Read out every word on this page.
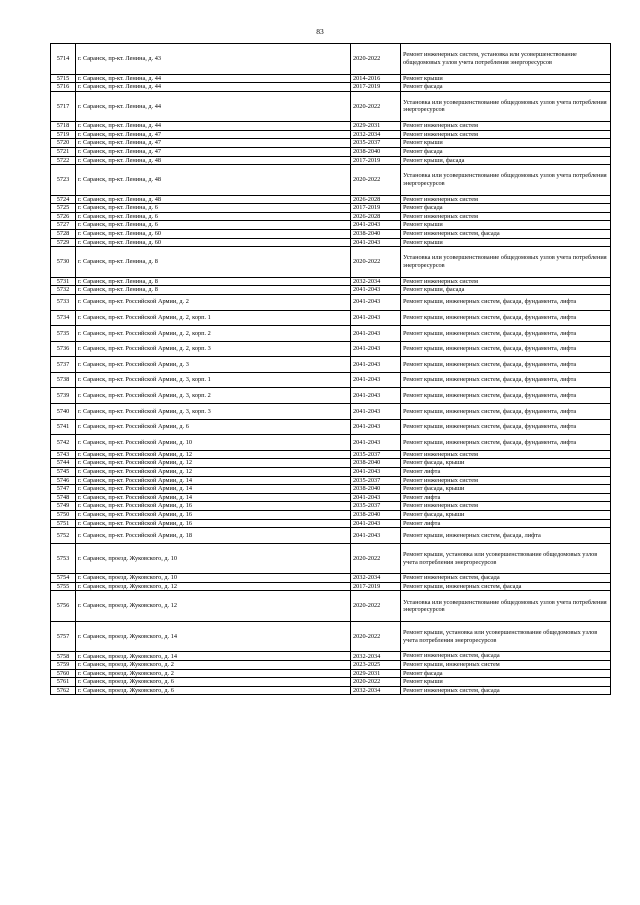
83
5714	г. Саранск, пр-кт. Ленина, д. 43	2020-2022	Ремонт инженерных систем, установка или усовершенствование общедомовых узлов учета потребления энергоресурсов
5715	г. Саранск, пр-кт. Ленина, д. 44	2014-2016	Ремонт крыши
5716	г. Саранск, пр-кт. Ленина, д. 44	2017-2019	Ремонт фасада
5717	г. Саранск, пр-кт. Ленина, д. 44	2020-2022	Установка или усовершенствование общедомовых узлов учета потребления энергоресурсов
5718	г. Саранск, пр-кт. Ленина, д. 44	2029-2031	Ремонт инженерных систем
5719	г. Саранск, пр-кт. Ленина, д. 47	2032-2034	Ремонт инженерных систем
5720	г. Саранск, пр-кт. Ленина, д. 47	2035-2037	Ремонт крыши
5721	г. Саранск, пр-кт. Ленина, д. 47	2038-2040	Ремонт фасада
5722	г. Саранск, пр-кт. Ленина, д. 48	2017-2019	Ремонт крыши, фасада
5723	г. Саранск, пр-кт. Ленина, д. 48	2020-2022	Установка или усовершенствование общедомовых узлов учета потребления энергоресурсов
5724	г. Саранск, пр-кт. Ленина, д. 48	2026-2028	Ремонт инженерных систем
5725	г. Саранск, пр-кт. Ленина, д. 6	2017-2019	Ремонт фасада
5726	г. Саранск, пр-кт. Ленина, д. 6	2026-2028	Ремонт инженерных систем
5727	г. Саранск, пр-кт. Ленина, д. 6	2041-2043	Ремонт крыши
5728	г. Саранск, пр-кт. Ленина, д. 60	2038-2040	Ремонт инженерных систем, фасада
5729	г. Саранск, пр-кт. Ленина, д. 60	2041-2043	Ремонт крыши
5730	г. Саранск, пр-кт. Ленина, д. 8	2020-2022	Установка или усовершенствование общедомовых узлов учета потребления энергоресурсов
5731	г. Саранск, пр-кт. Ленина, д. 8	2032-2034	Ремонт инженерных систем
5732	г. Саранск, пр-кт. Ленина, д. 8	2041-2043	Ремонт крыши, фасада
5733	г. Саранск, пр-кт. Российской Армии, д. 2	2041-2043	Ремонт крыши, инженерных систем, фасада, фундамента, лифта
5734	г. Саранск, пр-кт. Российской Армии, д. 2, корп. 1	2041-2043	Ремонт крыши, инженерных систем, фасада, фундамента, лифта
5735	г. Саранск, пр-кт. Российской Армии, д. 2, корп. 2	2041-2043	Ремонт крыши, инженерных систем, фасада, фундамента, лифта
5736	г. Саранск, пр-кт. Российской Армии, д. 2, корп. 3	2041-2043	Ремонт крыши, инженерных систем, фасада, фундамента, лифта
5737	г. Саранск, пр-кт. Российской Армии, д. 3	2041-2043	Ремонт крыши, инженерных систем, фасада, фундамента, лифта
5738	г. Саранск, пр-кт. Российской Армии, д. 3, корп. 1	2041-2043	Ремонт крыши, инженерных систем, фасада, фундамента, лифта
5739	г. Саранск, пр-кт. Российской Армии, д. 3, корп. 2	2041-2043	Ремонт крыши, инженерных систем, фасада, фундамента, лифта
5740	г. Саранск, пр-кт. Российской Армии, д. 3, корп. 3	2041-2043	Ремонт крыши, инженерных систем, фасада, фундамента, лифта
5741	г. Саранск, пр-кт. Российской Армии, д. 6	2041-2043	Ремонт крыши, инженерных систем, фасада, фундамента, лифта
5742	г. Саранск, пр-кт. Российской Армии, д. 10	2041-2043	Ремонт крыши, инженерных систем, фасада, фундамента, лифта
5743	г. Саранск, пр-кт. Российской Армии, д. 12	2035-2037	Ремонт инженерных систем
5744	г. Саранск, пр-кт. Российской Армии, д. 12	2038-2040	Ремонт фасада, крыши
5745	г. Саранск, пр-кт. Российской Армии, д. 12	2041-2043	Ремонт лифта
5746	г. Саранск, пр-кт. Российской Армии, д. 14	2035-2037	Ремонт инженерных систем
5747	г. Саранск, пр-кт. Российской Армии, д. 14	2038-2040	Ремонт фасада, крыши
5748	г. Саранск, пр-кт. Российской Армии, д. 14	2041-2043	Ремонт лифта
5749	г. Саранск, пр-кт. Российской Армии, д. 16	2035-2037	Ремонт инженерных систем
5750	г. Саранск, пр-кт. Российской Армии, д. 16	2038-2040	Ремонт фасада, крыши
5751	г. Саранск, пр-кт. Российской Армии, д. 16	2041-2043	Ремонт лифта
5752	г. Саранск, пр-кт. Российской Армии, д. 18	2041-2043	Ремонт крыши, инженерных систем, фасада, лифта
5753	г. Саранск, проезд. Жуковского, д. 10	2020-2022	Ремонт крыши, установка или усовершенствование общедомовых узлов учета потребления энергоресурсов
5754	г. Саранск, проезд. Жуковского, д. 10	2032-2034	Ремонт инженерных систем, фасада
5755	г. Саранск, проезд. Жуковского, д. 12	2017-2019	Ремонт крыши, инженерных систем, фасада
5756	г. Саранск, проезд. Жуковского, д. 12	2020-2022	Установка или усовершенствование общедомовых узлов учета потребления энергоресурсов
5757	г. Саранск, проезд. Жуковского, д. 14	2020-2022	Ремонт крыши, установка или усовершенствование общедомовых узлов учета потребления энергоресурсов
5758	г. Саранск, проезд. Жуковского, д. 14	2032-2034	Ремонт инженерных систем, фасада
5759	г. Саранск, проезд. Жуковского, д. 2	2023-2025	Ремонт крыши, инженерных систем
5760	г. Саранск, проезд. Жуковского, д. 2	2029-2031	Ремонт фасада
5761	г. Саранск, проезд. Жуковского, д. 6	2020-2022	Ремонт крыши
5762	г. Саранск, проезд. Жуковского, д. 6	2032-2034	Ремонт инженерных систем, фасада
